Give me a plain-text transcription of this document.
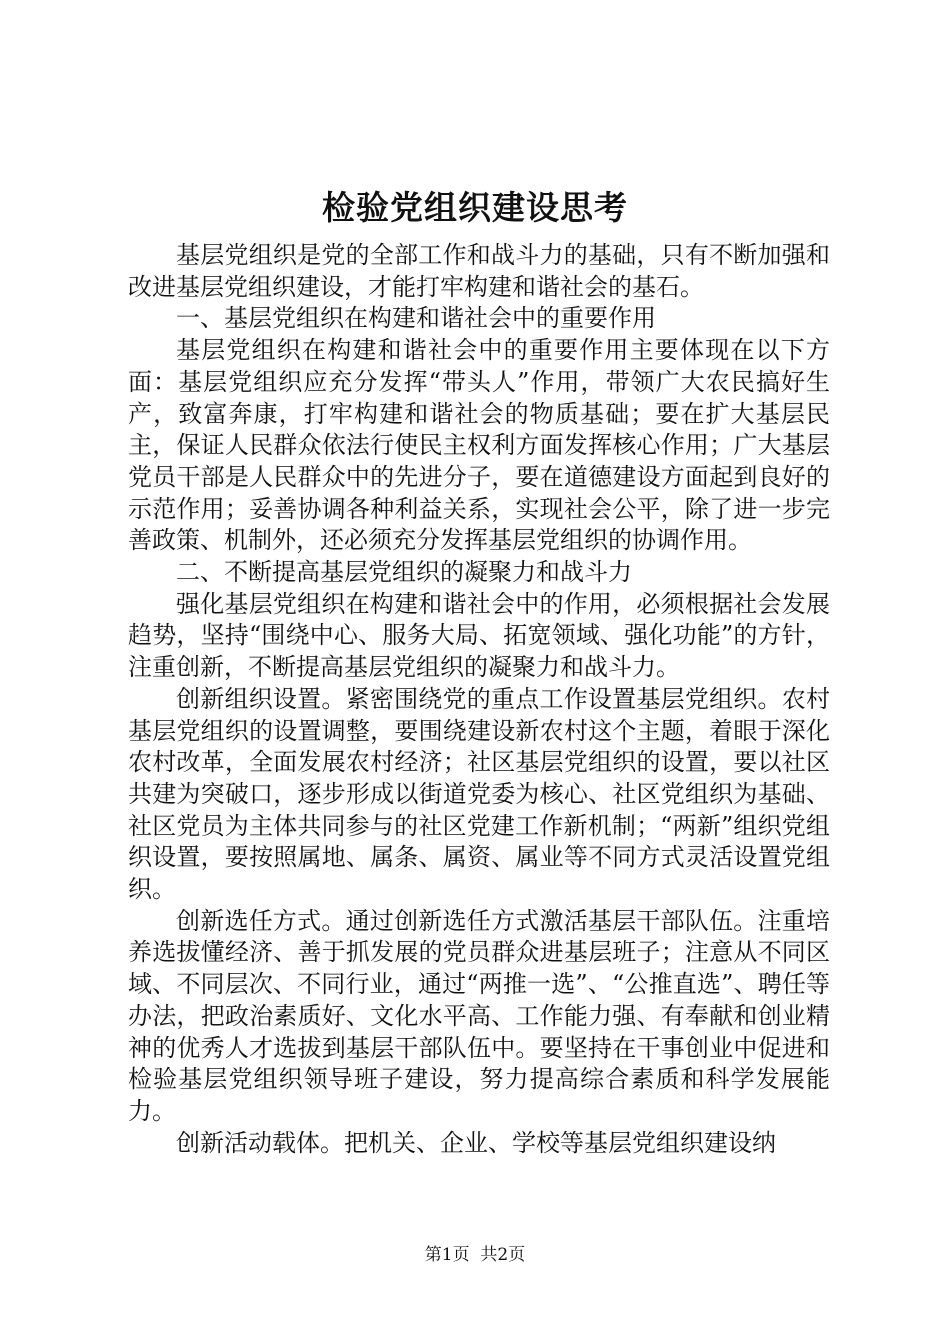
检验党组织建设思考

基层党组织是党的全部工作和战斗力的基础，只有不断加强和改进基层党组织建设，才能打牢构建和谐社会的基石。

一、基层党组织在构建和谐社会中的重要作用

基层党组织在构建和谐社会中的重要作用主要体现在以下方面：基层党组织应充分发挥“带头人”作用，带领广大农民搞好生产，致富奔康，打牢构建和谐社会的物质基础；要在扩大基层民主，保证人民群众依法行使民主权利方面发挥核心作用；广大基层党员干部是人民群众中的先进分子，要在道德建设方面起到良好的示范作用；妥善协调各种利益关系，实现社会公平，除了进一步完善政策、机制外，还必须充分发挥基层党组织的协调作用。

二、不断提高基层党组织的凝聚力和战斗力

强化基层党组织在构建和谐社会中的作用，必须根据社会发展趋势，坚持“围绕中心、服务大局、拓宽领域、强化功能”的方针，注重创新，不断提高基层党组织的凝聚力和战斗力。

创新组织设置。紧密围绕党的重点工作设置基层党组织。农村基层党组织的设置调整，要围绕建设新农村这个主题，着眼于深化农村改革，全面发展农村经济；社区基层党组织的设置，要以社区共建为突破口，逐步形成以街道党委为核心、社区党组织为基础、社区党员为主体共同参与的社区党建工作新机制；“两新”组织党组织设置，要按照属地、属条、属资、属业等不同方式灵活设置党组织。

创新选任方式。通过创新选任方式激活基层干部队伍。注重培养选拔懂经济、善于抓发展的党员群众进基层班子；注意从不同区域、不同层次、不同行业，通过“两推一选”、“公推直选”、聘任等办法，把政治素质好、文化水平高、工作能力强、有奉献和创业精神的优秀人才选拔到基层干部队伍中。要坚持在干事创业中促进和检验基层党组织领导班子建设，努力提高综合素质和科学发展能力。

创新活动载体。把机关、企业、学校等基层党组织建设纳

第1页  共2页
